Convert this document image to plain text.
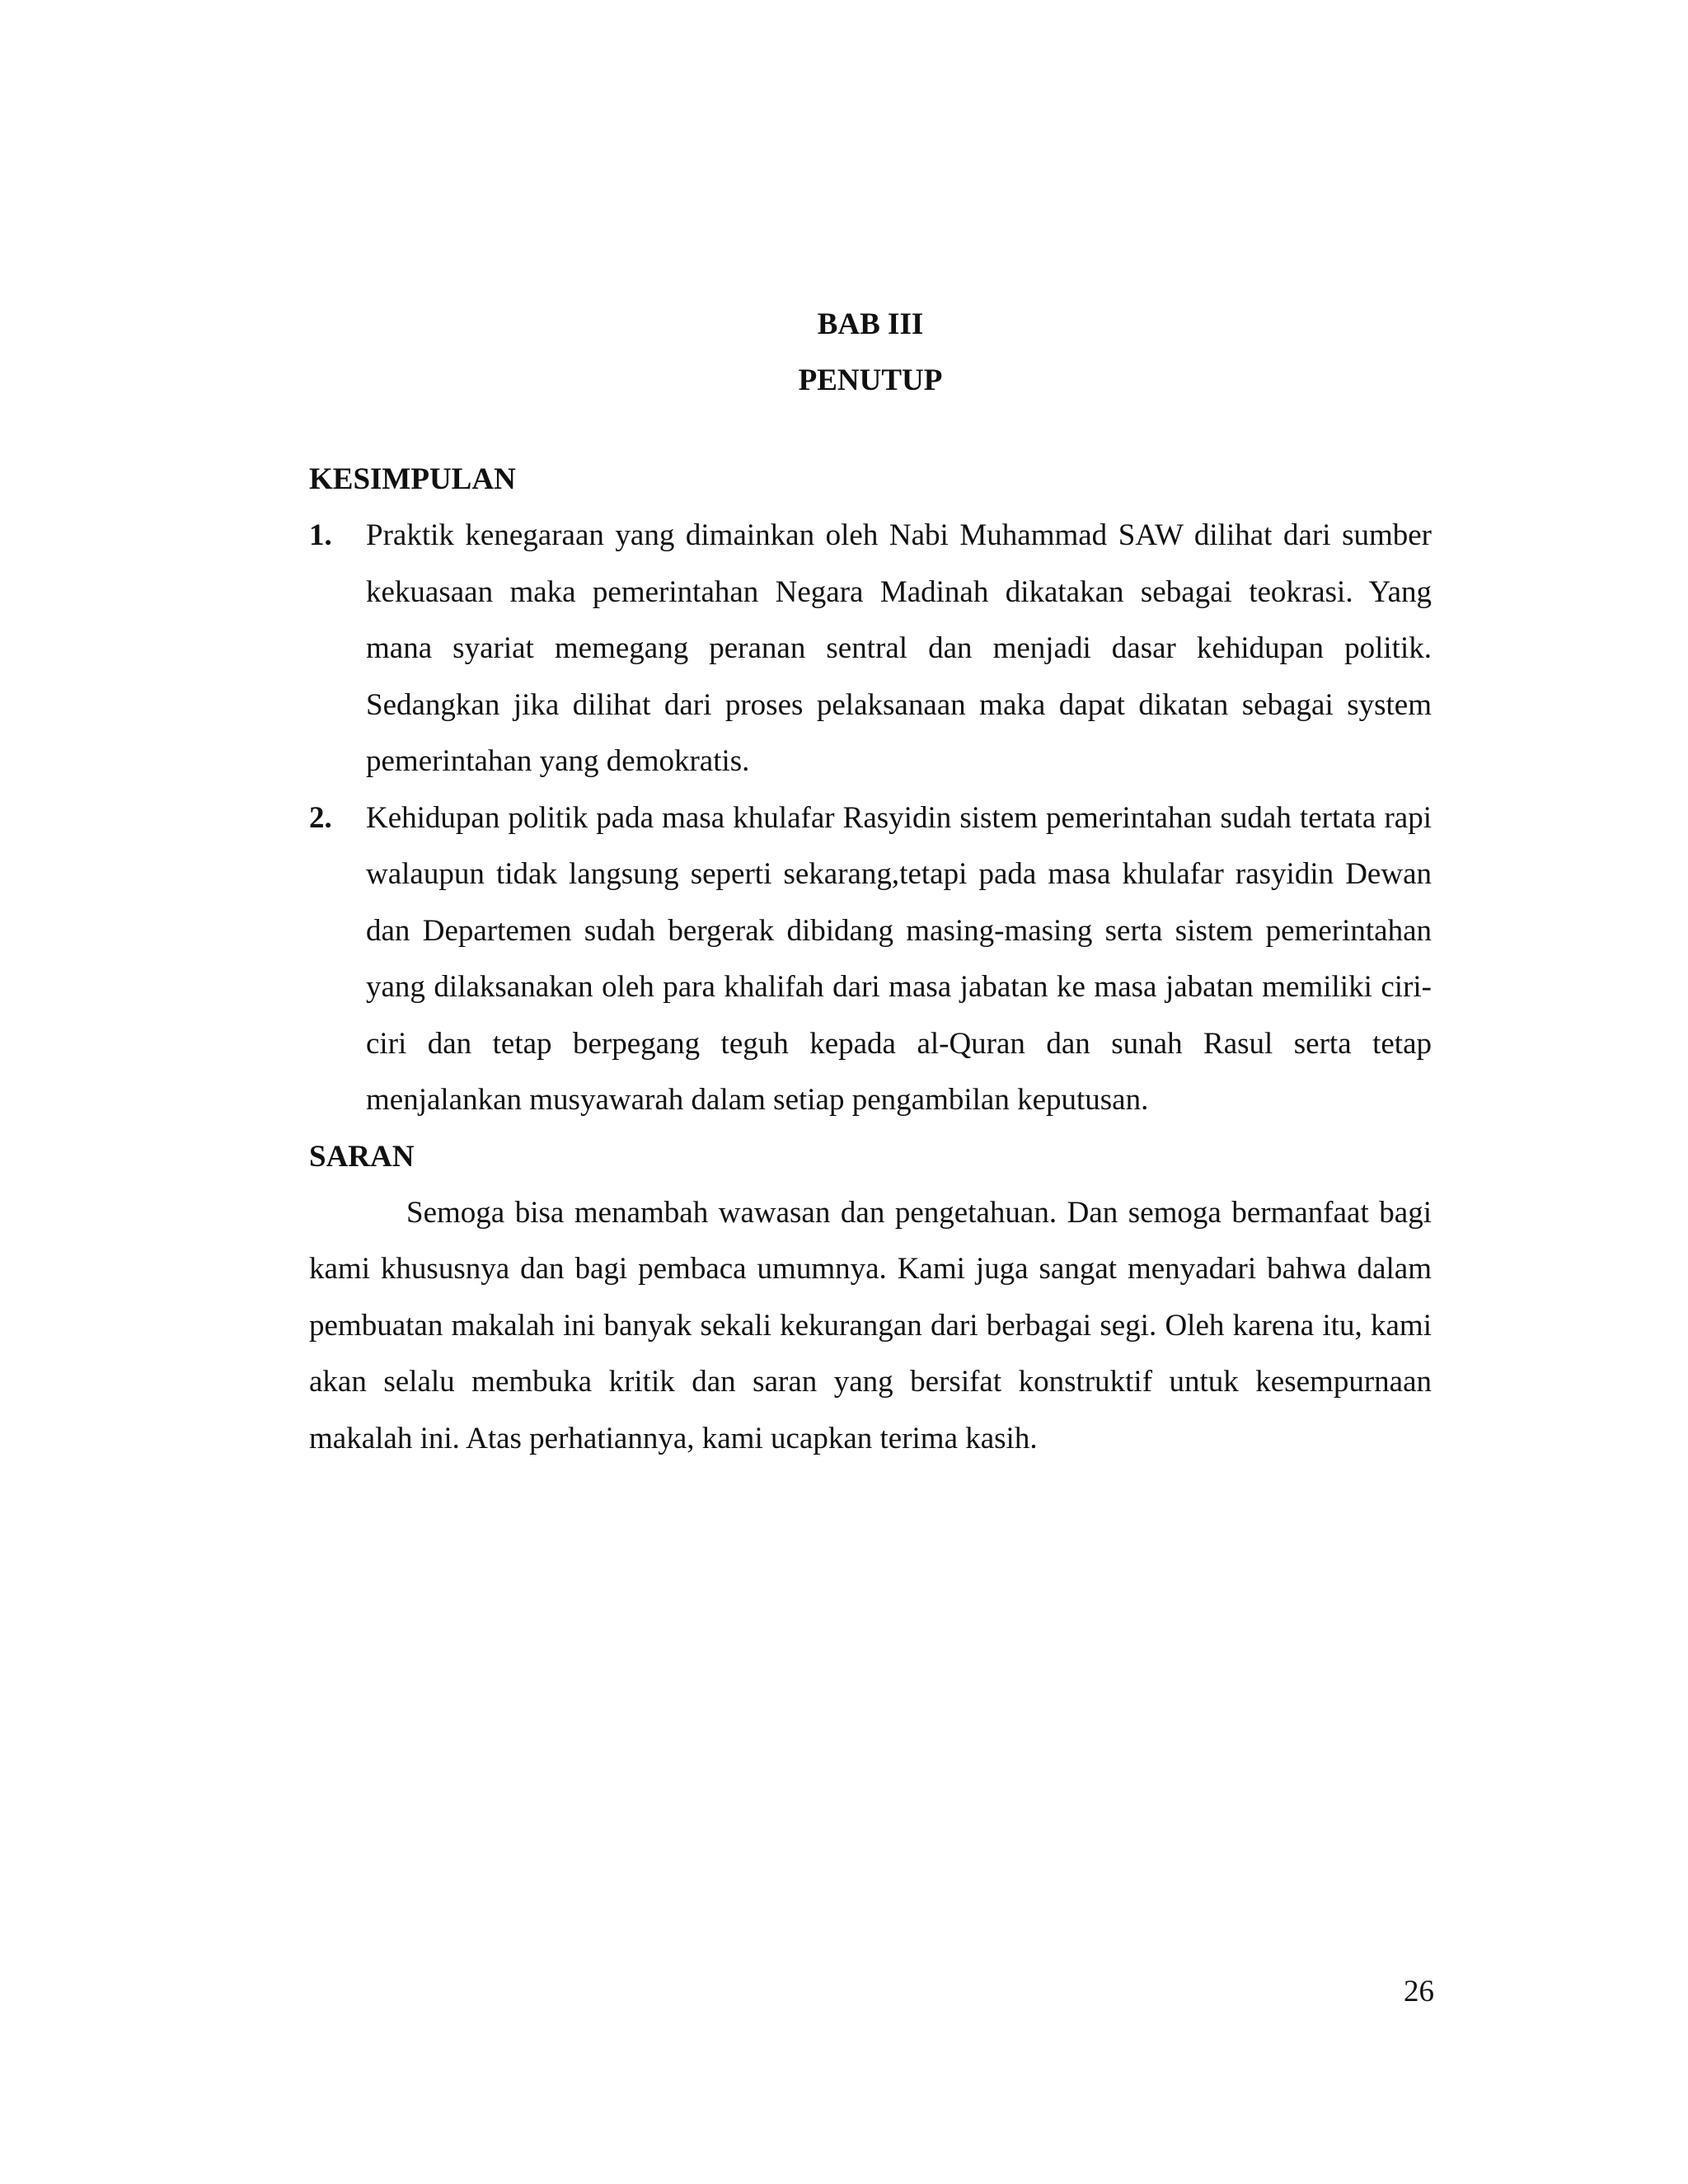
BAB III
PENUTUP
KESIMPULAN
1. Praktik kenegaraan yang dimainkan oleh Nabi Muhammad SAW dilihat dari sumber kekuasaan maka pemerintahan Negara Madinah dikatakan sebagai teokrasi. Yang mana syariat memegang peranan sentral dan menjadi dasar kehidupan politik. Sedangkan jika dilihat dari proses pelaksanaan maka dapat dikatan sebagai system pemerintahan yang demokratis.
2. Kehidupan politik pada masa khulafar Rasyidin sistem pemerintahan sudah tertata rapi walaupun tidak langsung seperti sekarang,tetapi pada masa khulafar rasyidin Dewan dan Departemen sudah bergerak dibidang masing-masing serta sistem pemerintahan yang dilaksanakan oleh para khalifah dari masa jabatan ke masa jabatan memiliki ciri-ciri dan tetap berpegang teguh kepada al-Quran dan sunah Rasul serta tetap menjalankan musyawarah dalam setiap pengambilan keputusan.
SARAN

Semoga bisa menambah wawasan dan pengetahuan. Dan semoga bermanfaat bagi kami khususnya dan bagi pembaca umumnya. Kami juga sangat menyadari bahwa dalam pembuatan makalah ini banyak sekali kekurangan dari berbagai segi. Oleh karena itu, kami akan selalu membuka kritik dan saran yang bersifat konstruktif untuk kesempurnaan makalah ini. Atas perhatiannya, kami ucapkan terima kasih.

26
